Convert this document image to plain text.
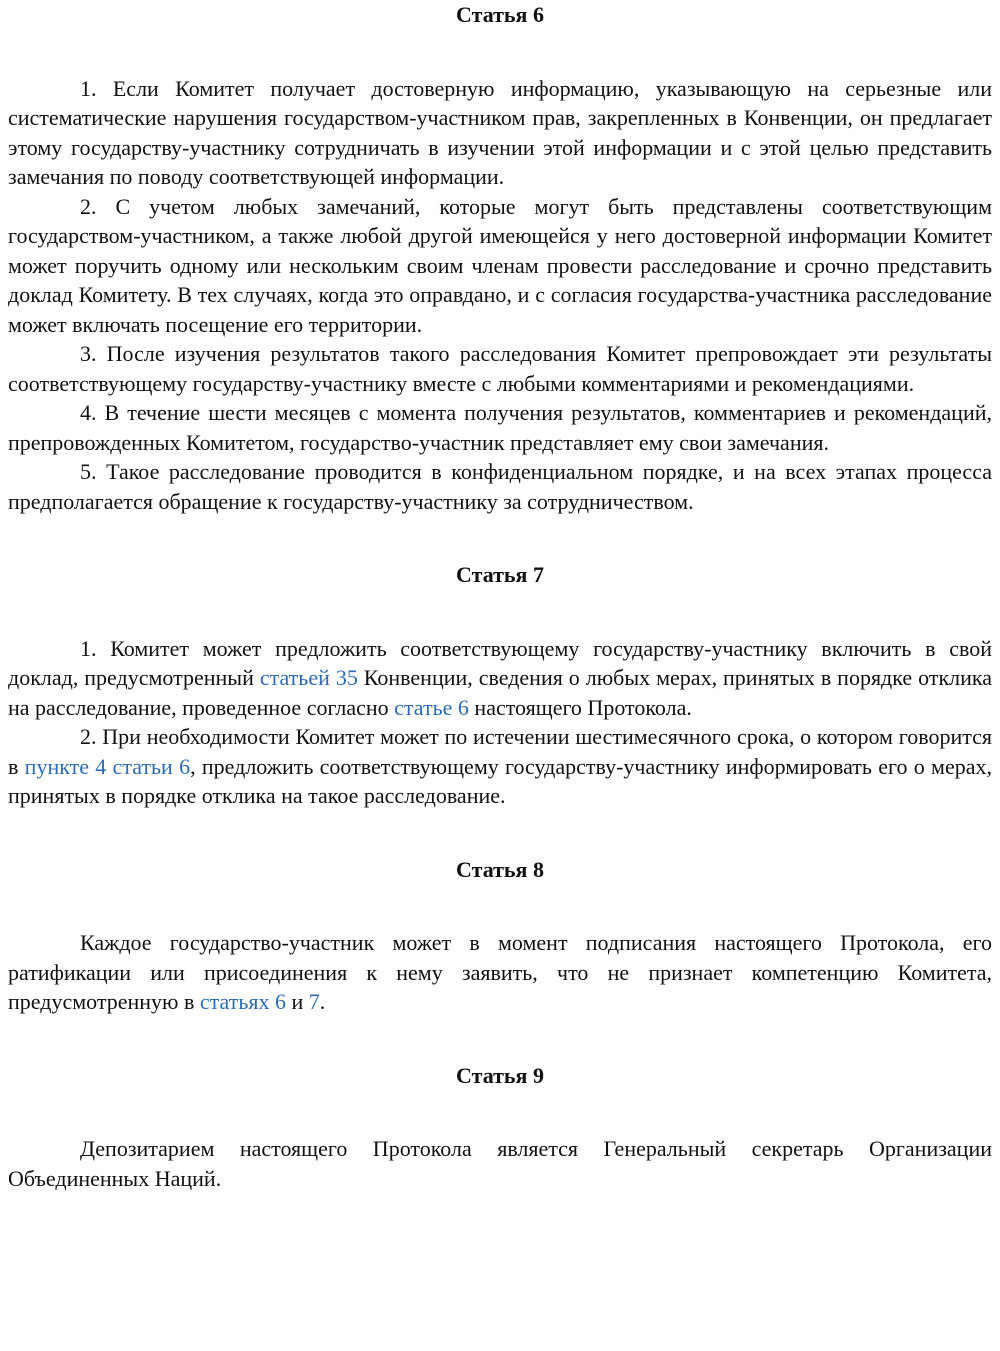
Статья 6

1. Если Комитет получает достоверную информацию, указывающую на серьезные или систематические нарушения государством-участником прав, закрепленных в Конвенции, он предлагает этому государству-участнику сотрудничать в изучении этой информации и с этой целью представить замечания по поводу соответствующей информации.

2. С учетом любых замечаний, которые могут быть представлены соответствующим государством-участником, а также любой другой имеющейся у него достоверной информации Комитет может поручить одному или нескольким своим членам провести расследование и срочно представить доклад Комитету. В тех случаях, когда это оправдано, и с согласия государства-участника расследование может включать посещение его территории.

3. После изучения результатов такого расследования Комитет препровождает эти результаты соответствующему государству-участнику вместе с любыми комментариями и рекомендациями.

4. В течение шести месяцев с момента получения результатов, комментариев и рекомендаций, препровожденных Комитетом, государство-участник представляет ему свои замечания.

5. Такое расследование проводится в конфиденциальном порядке, и на всех этапах процесса предполагается обращение к государству-участнику за сотрудничеством.

Статья 7

1. Комитет может предложить соответствующему государству-участнику включить в свой доклад, предусмотренный статьей 35 Конвенции, сведения о любых мерах, принятых в порядке отклика на расследование, проведенное согласно статье 6 настоящего Протокола.

2. При необходимости Комитет может по истечении шестимесячного срока, о котором говорится в пункте 4 статьи 6, предложить соответствующему государству-участнику информировать его о мерах, принятых в порядке отклика на такое расследование.

Статья 8

Каждое государство-участник может в момент подписания настоящего Протокола, его ратификации или присоединения к нему заявить, что не признает компетенцию Комитета, предусмотренную в статьях 6 и 7.

Статья 9

Депозитарием настоящего Протокола является Генеральный секретарь Организации Объединенных Наций.
